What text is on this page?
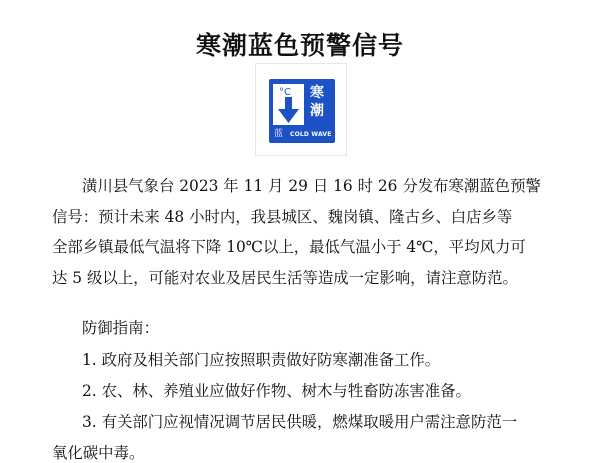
寒潮蓝色预警信号
°C 寒
潮
蓝 COLD WAVE
潢川县气象台 2023 年 11 月 29 日 16 时 26 分发布寒潮蓝色预警
信号：预计未来 48 小时内，我县城区、魏岗镇、隆古乡、白店乡等
全部乡镇最低气温将下降 10℃以上，最低气温小于 4℃，平均风力可
达 5 级以上，可能对农业及居民生活等造成一定影响，请注意防范。
防御指南：
1. 政府及相关部门应按照职责做好防寒潮准备工作。
2. 农、林、养殖业应做好作物、树木与牲畜防冻害准备。
3. 有关部门应视情况调节居民供暖，燃煤取暖用户需注意防范一
氧化碳中毒。
